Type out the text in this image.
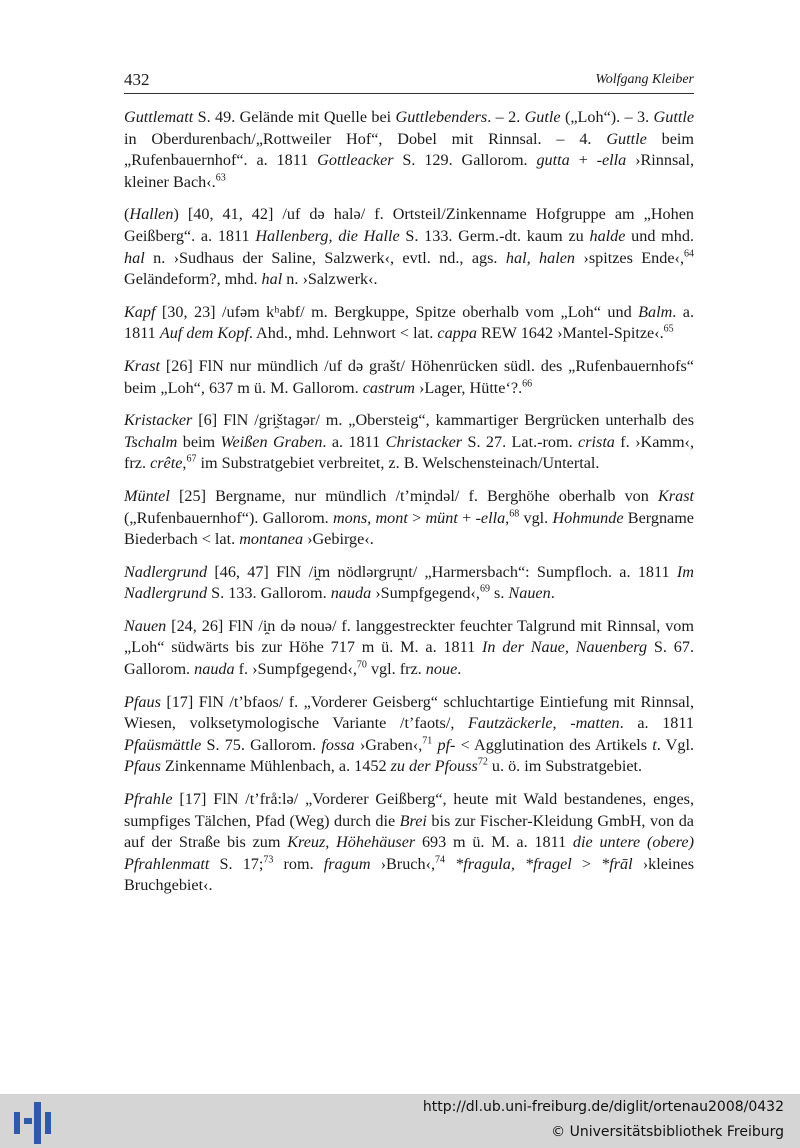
432	Wolfgang Kleiber

Guttlematt S. 49. Gelände mit Quelle bei Guttlebenders. – 2. Gutle („Loh“). – 3. Guttle in Oberdurenbach/„Rottweiler Hof“, Dobel mit Rinnsal. – 4. Guttle beim „Rufenbauernhof“. a. 1811 Gottleacker S. 129. Gallorom. gutta + -ella ›Rinnsal, kleiner Bach‹.$^{63}$

(Hallen) [40, 41, 42] /uf də halə/ f. Ortsteil/Zinkenname Hofgruppe am „Hohen Geißberg“. a. 1811 Hallenberg, die Halle S. 133. Germ.-dt. kaum zu halde und mhd. hal n. ›Sudhaus der Saline, Salzwerk‹, evtl. nd., ags. hal, halen ›spitzes Ende‹,$^{64}$ Geländeform?, mhd. hal n. ›Salzwerk‹.

Kapf [30, 23] /ufəm kʰabf/ m. Bergkuppe, Spitze oberhalb vom „Loh“ und Balm. a. 1811 Auf dem Kopf. Ahd., mhd. Lehnwort < lat. cappa REW 1642 ›Mantel-Spitze‹.$^{65}$

Krast [26] FlN nur mündlich /uf də grašt/ Höhenrücken südl. des „Rufenbauernhofs“ beim „Loh“, 637 m ü. M. Gallorom. castrum ›Lager, Hütte‘?.$^{66}$

Kristacker [6] FlN /gri̯štagər/ m. „Obersteig“, kammartiger Bergrücken unterhalb des Tschalm beim Weißen Graben. a. 1811 Christacker S. 27. Lat.-rom. crista f. ›Kamm‹, frz. crête,$^{67}$ im Substratgebiet verbreitet, z. B. Welschensteinach/Untertal.

Müntel [25] Bergname, nur mündlich /t’mi̯ndəl/ f. Berghöhe oberhalb von Krast („Rufenbauernhof“). Gallorom. mons, mont > münt + -ella,$^{68}$ vgl. Hohmunde Bergname Biederbach < lat. montanea ›Gebirge‹.

Nadlergrund [46, 47] FlN /i̯m nödlərgru̯nt/ „Harmersbach“: Sumpfloch. a. 1811 Im Nadlergrund S. 133. Gallorom. nauda ›Sumpfgegend‹,$^{69}$ s. Nauen.

Nauen [24, 26] FlN /i̯n də nouə/ f. langgestreckter feuchter Talgrund mit Rinnsal, vom „Loh“ südwärts bis zur Höhe 717 m ü. M. a. 1811 In der Naue, Nauenberg S. 67. Gallorom. nauda f. ›Sumpfgegend‹,$^{70}$ vgl. frz. noue.

Pfaus [17] FlN /t’bfaos/ f. „Vorderer Geisberg“ schluchtartige Eintiefung mit Rinnsal, Wiesen, volksetymologische Variante /t’faots/, Fautzäckerle, -matten. a. 1811 Pfaüsmättle S. 75. Gallorom. fossa ›Graben‹,$^{71}$ pf- < Agglutination des Artikels t. Vgl. Pfaus Zinkenname Mühlenbach, a. 1452 zu der Pfouss$^{72}$ u. ö. im Substratgebiet.

Pfrahle [17] FlN /t’frå:lə/ „Vorderer Geißberg“, heute mit Wald bestandenes, enges, sumpfiges Tälchen, Pfad (Weg) durch die Brei bis zur Fischer-Kleidung GmbH, von da auf der Straße bis zum Kreuz, Höhehäuser 693 m ü. M. a. 1811 die untere (obere) Pfrahlenmatt S. 17;$^{73}$ rom. fragum ›Bruch‹,$^{74}$ *fragula, *fragel > *frāl ›kleines Bruchgebiet‹.

http://dl.ub.uni-freiburg.de/diglit/ortenau2008/0432
© Universitätsbibliothek Freiburg
